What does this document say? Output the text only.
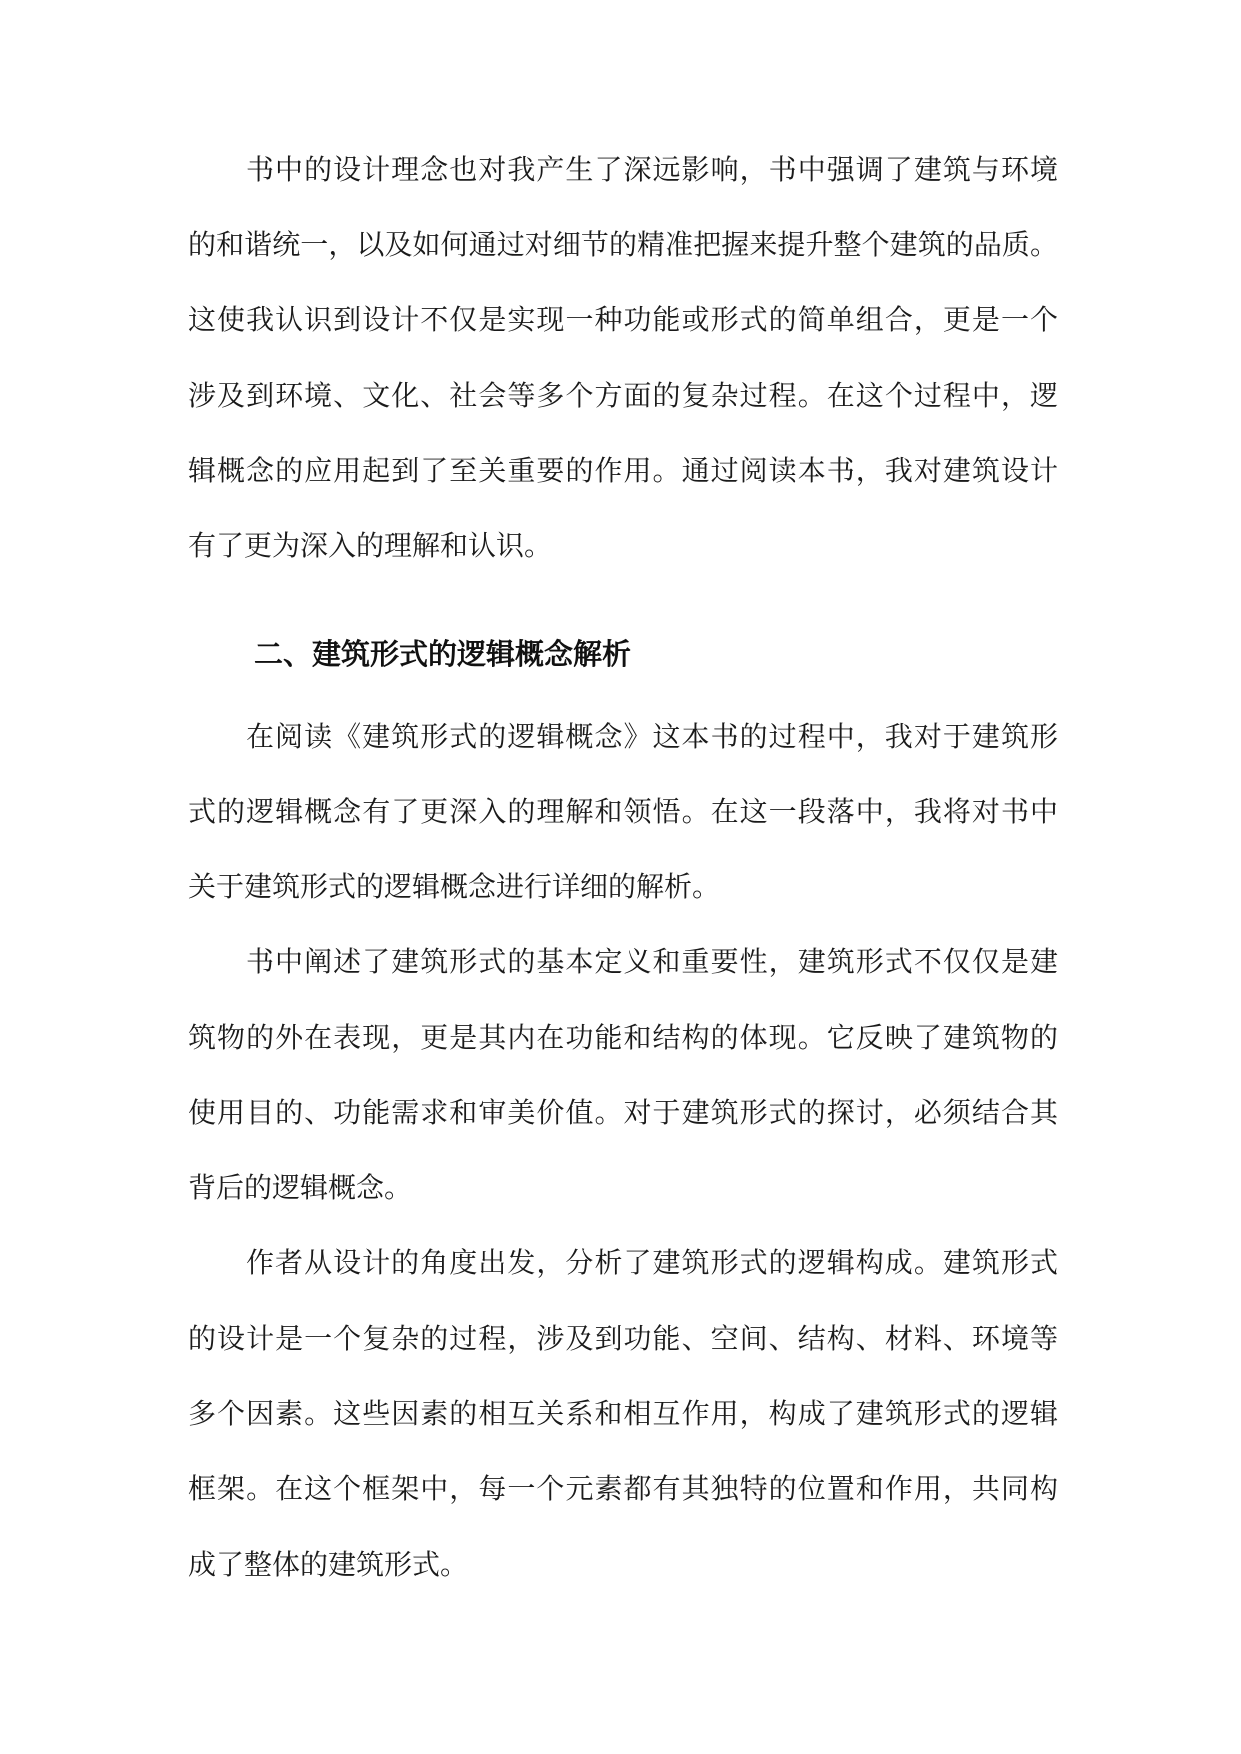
书中的设计理念也对我产生了深远影响，书中强调了建筑与环境

的和谐统一，以及如何通过对细节的精准把握来提升整个建筑的品质。

这使我认识到设计不仅是实现一种功能或形式的简单组合，更是一个

涉及到环境、文化、社会等多个方面的复杂过程。在这个过程中，逻

辑概念的应用起到了至关重要的作用。通过阅读本书，我对建筑设计

有了更为深入的理解和认识。

二、建筑形式的逻辑概念解析

在阅读《建筑形式的逻辑概念》这本书的过程中，我对于建筑形

式的逻辑概念有了更深入的理解和领悟。在这一段落中，我将对书中

关于建筑形式的逻辑概念进行详细的解析。

书中阐述了建筑形式的基本定义和重要性，建筑形式不仅仅是建

筑物的外在表现，更是其内在功能和结构的体现。它反映了建筑物的

使用目的、功能需求和审美价值。对于建筑形式的探讨，必须结合其

背后的逻辑概念。

作者从设计的角度出发，分析了建筑形式的逻辑构成。建筑形式

的设计是一个复杂的过程，涉及到功能、空间、结构、材料、环境等

多个因素。这些因素的相互关系和相互作用，构成了建筑形式的逻辑

框架。在这个框架中，每一个元素都有其独特的位置和作用，共同构

成了整体的建筑形式。
